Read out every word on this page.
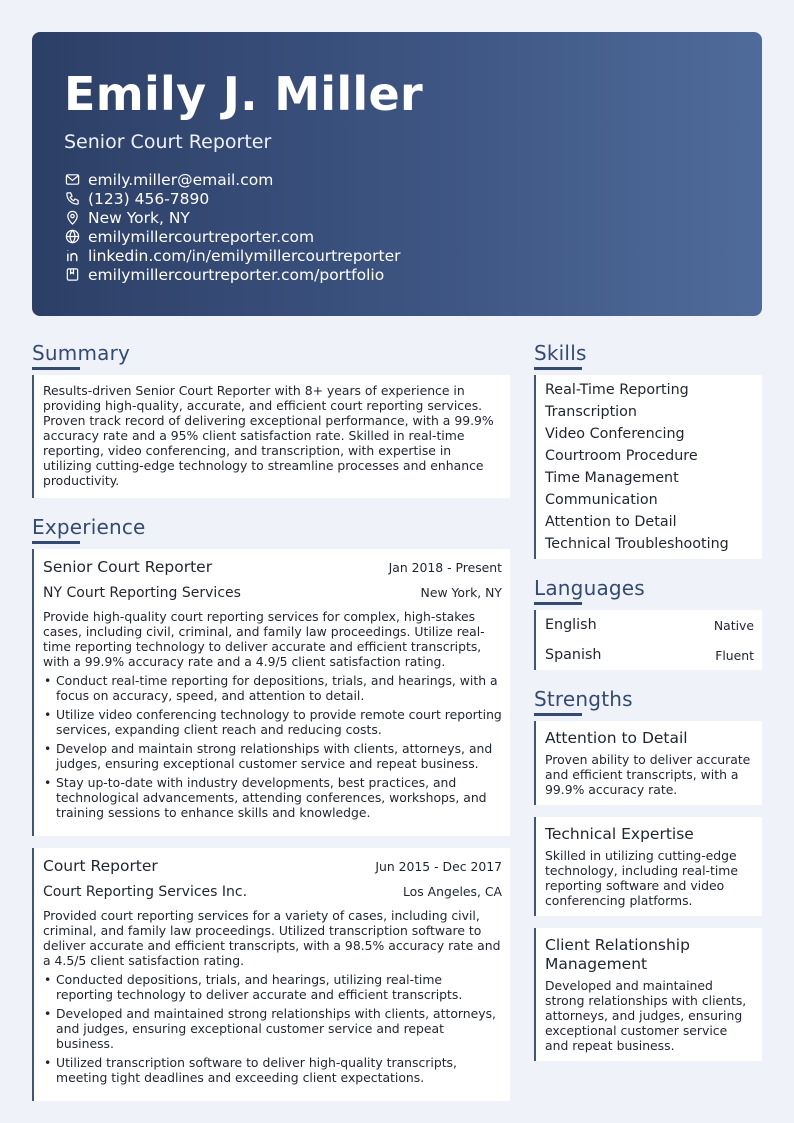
Emily J. Miller
Senior Court Reporter
emily.miller@email.com
(123) 456-7890
New York, NY
emilymillercourtreporter.com
linkedin.com/in/emilymillercourtreporter
emilymillercourtreporter.com/portfolio
Summary

Results-driven Senior Court Reporter with 8+ years of experience in providing high-quality, accurate, and efficient court reporting services. Proven track record of delivering exceptional performance, with a 99.9% accuracy rate and a 95% client satisfaction rate. Skilled in real-time reporting, video conferencing, and transcription, with expertise in utilizing cutting-edge technology to streamline processes and enhance productivity.

Experience
Senior Court Reporter	Jan 2018 - Present
NY Court Reporting Services	New York, NY

Provide high-quality court reporting services for complex, high-stakes cases, including civil, criminal, and family law proceedings. Utilize real-time reporting technology to deliver accurate and efficient transcripts, with a 99.9% accuracy rate and a 4.9/5 client satisfaction rating.

• Conduct real-time reporting for depositions, trials, and hearings, with a focus on accuracy, speed, and attention to detail.
• Utilize video conferencing technology to provide remote court reporting services, expanding client reach and reducing costs.
• Develop and maintain strong relationships with clients, attorneys, and judges, ensuring exceptional customer service and repeat business.
• Stay up-to-date with industry developments, best practices, and technological advancements, attending conferences, workshops, and training sessions to enhance skills and knowledge.
Court Reporter	Jun 2015 - Dec 2017
Court Reporting Services Inc.	Los Angeles, CA

Provided court reporting services for a variety of cases, including civil, criminal, and family law proceedings. Utilized transcription software to deliver accurate and efficient transcripts, with a 98.5% accuracy rate and a 4.5/5 client satisfaction rating.

• Conducted depositions, trials, and hearings, utilizing real-time reporting technology to deliver accurate and efficient transcripts.
• Developed and maintained strong relationships with clients, attorneys, and judges, ensuring exceptional customer service and repeat business.
• Utilized transcription software to deliver high-quality transcripts, meeting tight deadlines and exceeding client expectations.
Skills
Real-Time Reporting
Transcription
Video Conferencing
Courtroom Procedure
Time Management
Communication
Attention to Detail
Technical Troubleshooting
Languages
English	Native
Spanish	Fluent
Strengths
Attention to Detail

Proven ability to deliver accurate and efficient transcripts, with a 99.9% accuracy rate.

Technical Expertise

Skilled in utilizing cutting-edge technology, including real-time reporting software and video conferencing platforms.

Client Relationship Management

Developed and maintained strong relationships with clients, attorneys, and judges, ensuring exceptional customer service and repeat business.
